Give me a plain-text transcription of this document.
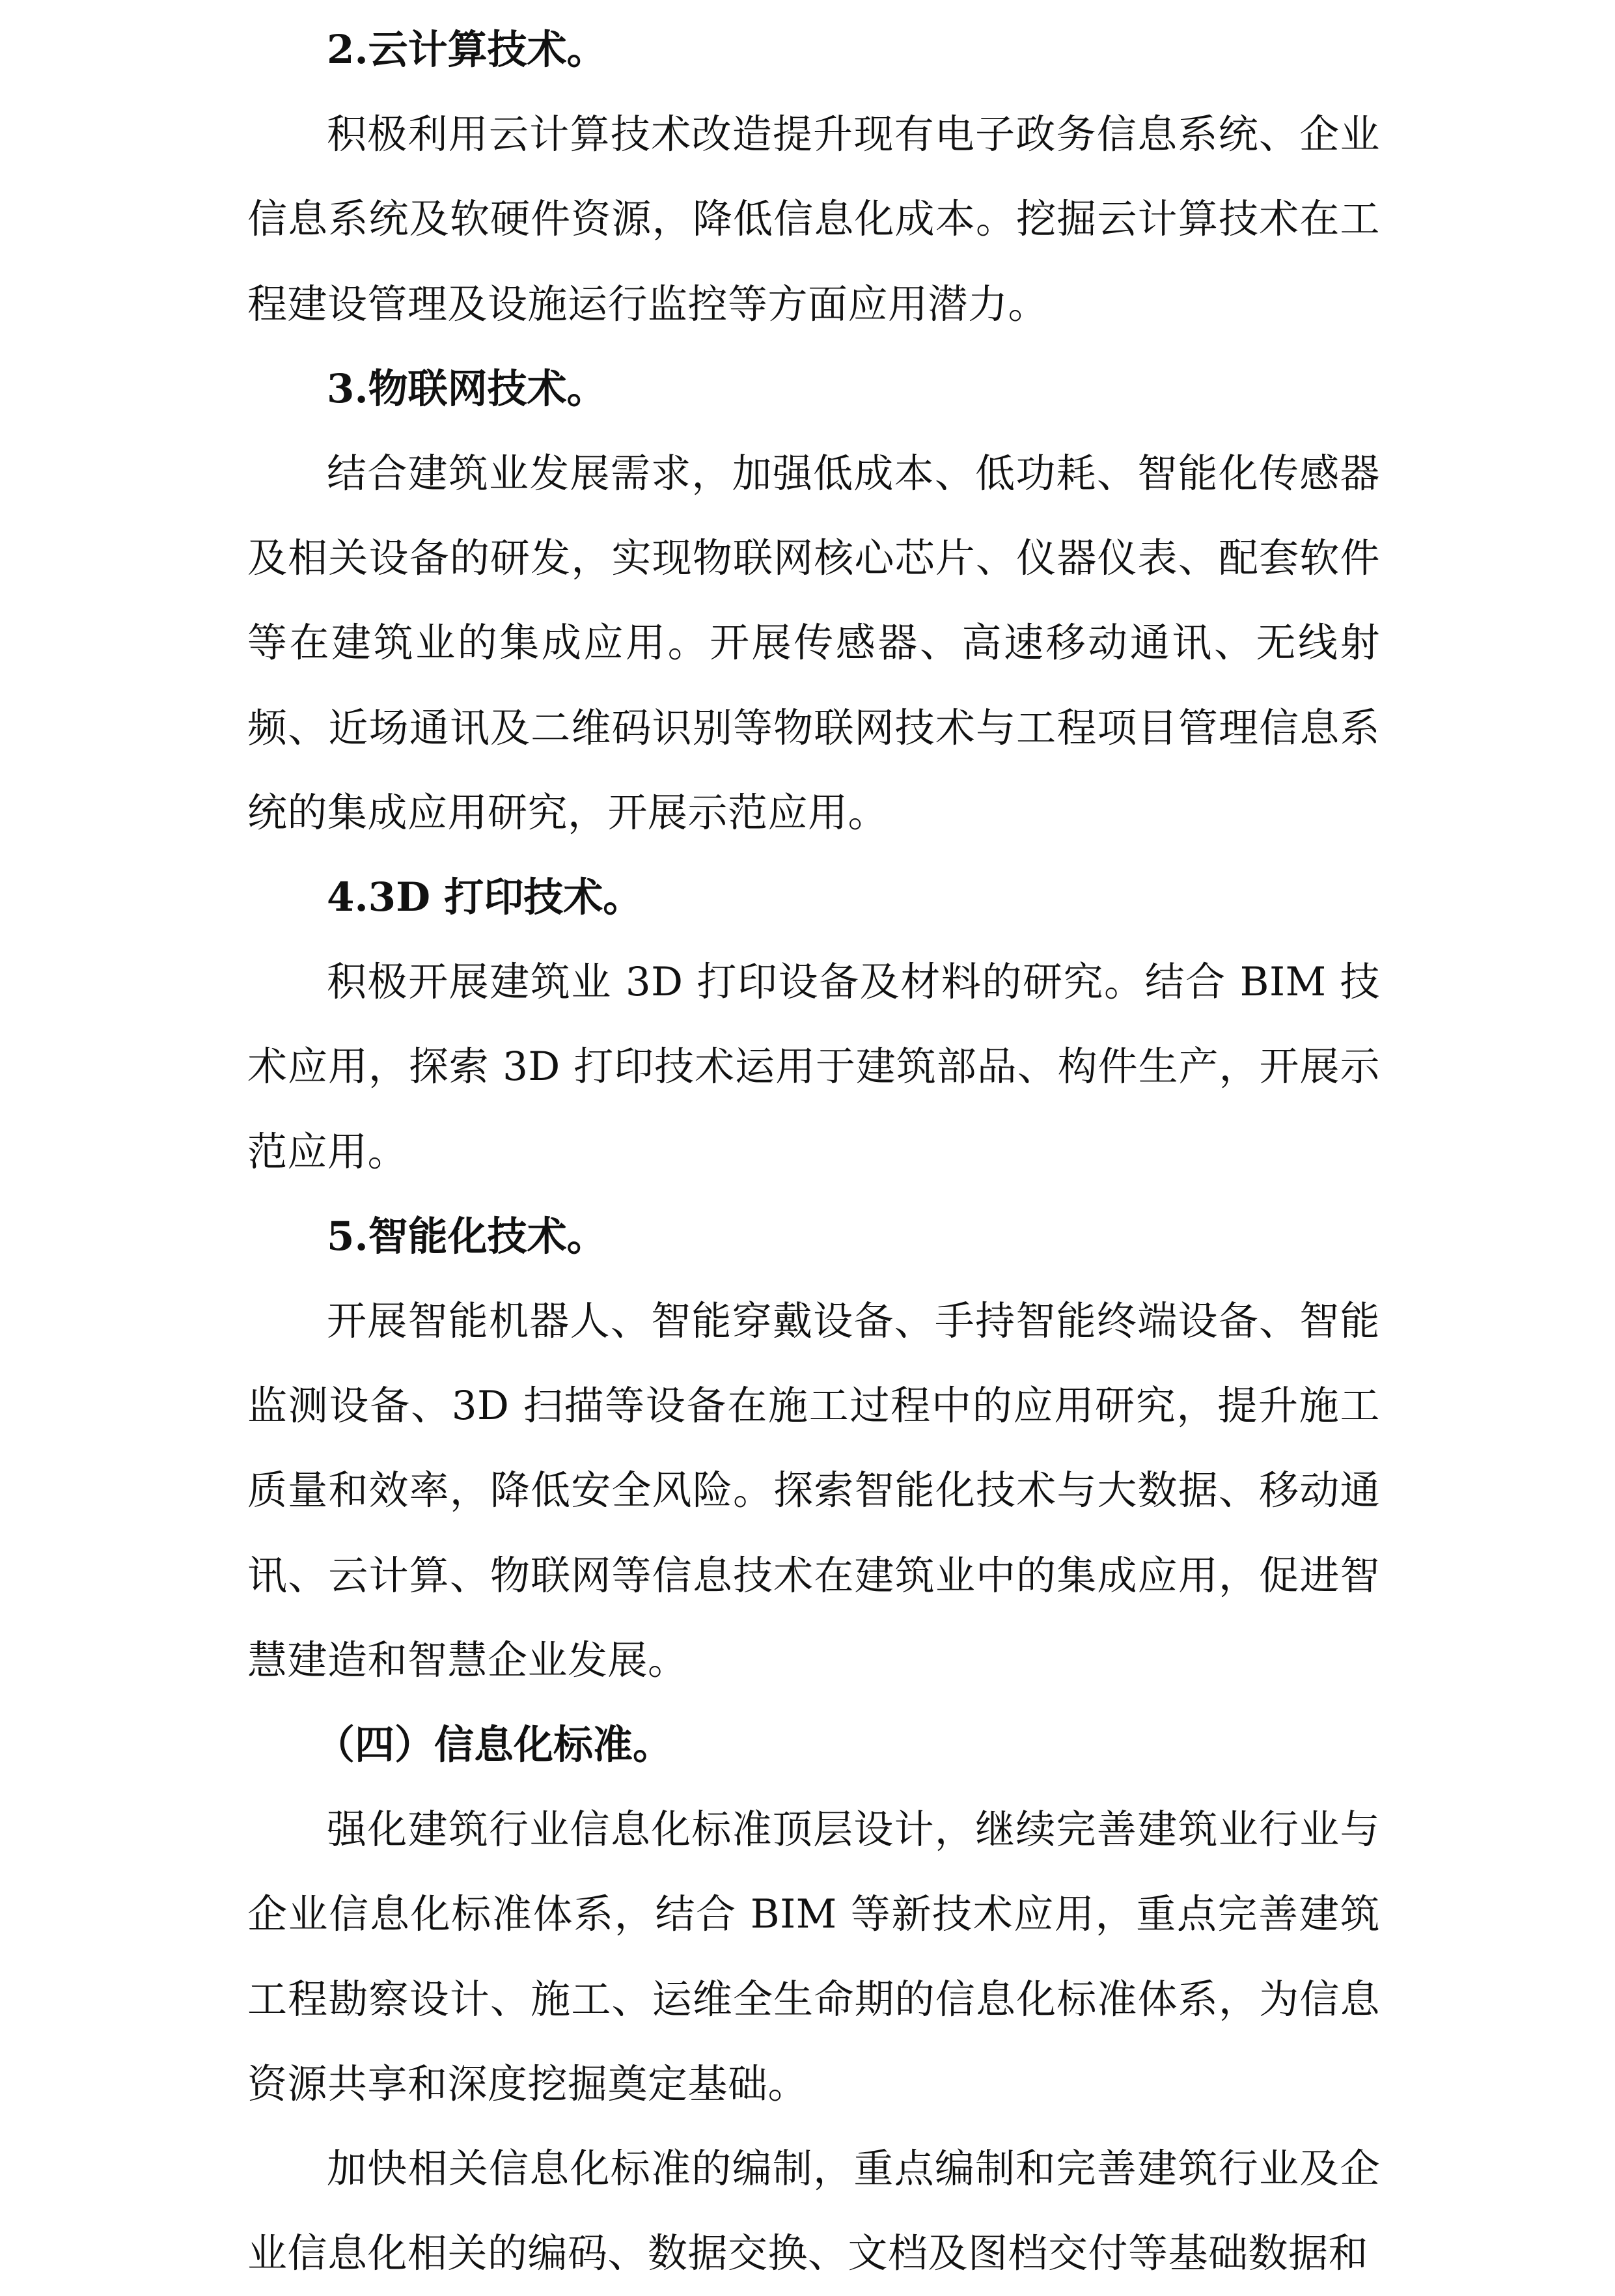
2.云计算技术。

积极利用云计算技术改造提升现有电子政务信息系统、企业信息系统及软硬件资源，降低信息化成本。挖掘云计算技术在工程建设管理及设施运行监控等方面应用潜力。

3.物联网技术。

结合建筑业发展需求，加强低成本、低功耗、智能化传感器及相关设备的研发，实现物联网核心芯片、仪器仪表、配套软件等在建筑业的集成应用。开展传感器、高速移动通讯、无线射频、近场通讯及二维码识别等物联网技术与工程项目管理信息系统的集成应用研究，开展示范应用。

4.3D 打印技术。

积极开展建筑业 3D 打印设备及材料的研究。结合 BIM 技术应用，探索 3D 打印技术运用于建筑部品、构件生产，开展示范应用。

5.智能化技术。

开展智能机器人、智能穿戴设备、手持智能终端设备、智能监测设备、3D 扫描等设备在施工过程中的应用研究，提升施工质量和效率，降低安全风险。探索智能化技术与大数据、移动通讯、云计算、物联网等信息技术在建筑业中的集成应用，促进智慧建造和智慧企业发展。

（四）信息化标准。

强化建筑行业信息化标准顶层设计，继续完善建筑业行业与企业信息化标准体系，结合 BIM 等新技术应用，重点完善建筑工程勘察设计、施工、运维全生命期的信息化标准体系，为信息资源共享和深度挖掘奠定基础。

加快相关信息化标准的编制，重点编制和完善建筑行业及企业信息化相关的编码、数据交换、文档及图档交付等基础数据和
